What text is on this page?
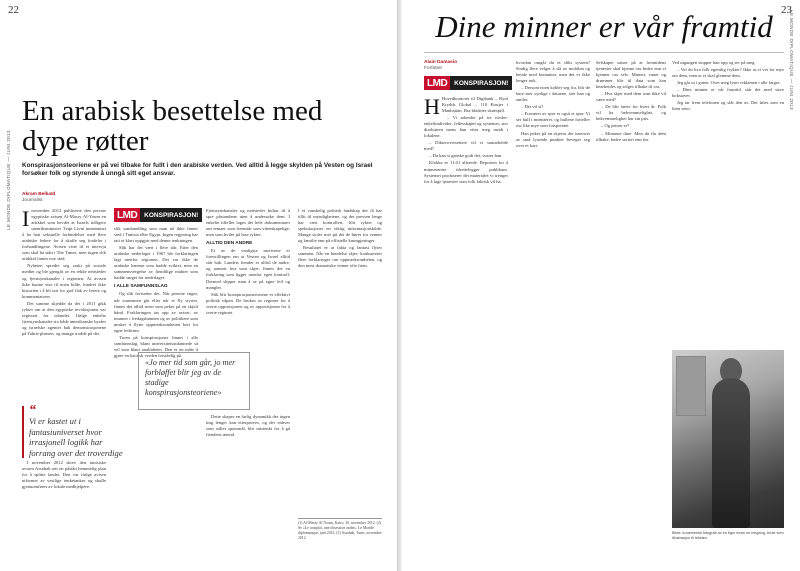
22
LE MONDE DIPLOMATIQUE — JUNI 2013
En arabisk besettelse med dype røtter
Konspirasjonsteoriene er på vei tilbake for fullt i den arabiske verden. Ved alltid å legge skylden på Vesten og Israel forsøker folk og styrende å unngå sitt eget ansvar.
Akram Belkaïd
Journalist

Inovember 2012 publiserte den private egyptiske avisen Al-Masry Al-Youm en artikkel som hevdet at Israels tidligere utenriksminister Tzipi Livni innrømmet å ha hatt seksuelle forbindelser med flere arabiske ledere for å skaffe seg fordeler i forhandlingene. Avisen viste til et intervju som skal ha stått i The Times, men ingen slik artikkel fantes noe sted.

Nyheten spredte seg raskt på sosiale medier og ble gjengitt av en rekke nettsteder og fjernsynskanaler i regionen. At avisen ikke kunne vise til noen kilde, hindret ikke historien i å bli tatt for god fisk av lesere og kommentatorer.

Det samme skjedde da det i 2011 gikk rykter om at den egyptiske revolusjonen var regissert fra utlandet. Ifølge enkelte fjernsynskanaler sto både amerikanske byråer og israelske agenter bak demonstrasjonene på Tahrir-plassen, og mange trodde på det.

“
Vi er kastet ut i fantasiuniverset hvor irrasjonell logikk har forrang over det troverdige

I november 2012 skrev den tunisiske avisen Assabah om en påstått hemmelig plan for å splitte landet. Den var ifølge avisen utformet av vestlige tenketanker og skulle gjennomføres av lokale medhjelpere.

LMD	KONSPIRASJON!

slik samhandling som man nå ikke finner sted i Tunisia eller Egypt. Ingen regjering har tatt et klart oppgjør med denne tenkningen.

Slik har det vært i flere tiår. Etter den arabiske nederlaget i 1967 ble forklaringen lagt utenfor regionen. Det var ikke de arabiske hærene som hadde sviktet, men en sammensvergelse av fiendtlige makter som hadde sørget for nederlaget.

I ALLE SAMFUNNSLAG

Og slik fortsetter det. Når prisene stiger, når strømmen går eller når et fly styrter, finnes det alltid noen som peker på en skjult hånd. Forklaringen tas opp av aviser, av imamer i fredagsbønnen og av politikere som ønsker å flytte oppmerksomheten bort fra egne feiltrinn.

Troen på konspirasjoner finnes i alle samfunnslag, blant universitetsutdannede så vel som blant analfabeter. Den er en måte å gjøre en kaotisk verden forståelig på.

Fjernsynskanaler og nettsteder bidrar til å spre påstandene uten å undersøke dem. I enkelte tilfeller lages det hele dokumentarer om temaer som fremstår som vitenskapelige, men som hviler på løse rykter.

ALLTID DEN ANDRE

Et av de vanligste motivene er forestillingen om at Vesten og Israel alltid står bak. Landets fiender er alltid de andre, og uansett hva som skjer, finnes det en forklaring som ligger utenfor egen kontroll. Dermed slipper man å se på egne feil og mangler.

Slik blir konspirasjonsteoriene et effektivt politisk våpen. De brukes av regimer for å sverte opposisjonen og av opposisjonen for å sverte regimet.

«Jo mer tid som går, jo mer forbløffet blir jeg av de stadige konspirasjonsteoriene»

Dette skaper en farlig dynamikk der ingen ting lenger kan etterprøves, og der enhver som stiller spørsmål, blir mistenkt for å gå fiendens ærend.

I et vanskelig politisk landskap der få har tillit til myndighetene, og der pressen lenge har vært kontrollert, blir rykter og spekulasjoner en viktig informasjonskilde. Mange stoler mer på det de hører fra venner og familie enn på offisielle kunngjøringer.

Resultatet er at fakta og fantasi flyter sammen. Når en hendelse skjer, konkurrerer flere forklaringer om oppmerksomheten, og den mest dramatiske vinner ofte frem.

(1) Al-Masry Al-Youm, Kairo, 20. november 2012. (2) Se «Le complot, une obsession arabe», Le Monde diplomatique, juni 2013. (3) Assabah, Tunis, november 2012.
23
LE MONDE DIPLOMATIQUE — JUNI 2013
Dine minner er vår framtid
Alain Damasio
Forfatter
LMD	KONSPIRASJON!

H Hovedkontoret til Digibank – Byrå Krydds Global – 110 Etasjer i Manhattan. Bra bladeier skuespill.

– Vi arbeider på tre nivåer: enkeltindivider, fellesskapet og systemet, sier direktøren mens han viser meg rundt i lokalene.

– Dikteroversettere vil vi samarbeide med?

– Du kan si ganske godt det, svarer han.

Klokka er 11:01 allerede. Reporten for å minnesenter tilrettelegger publikum. Systemet produserer det materialet vi trenger for å lage tjenester som folk faktisk vil ha.

hvordan omgår du et slikt system? Stadig flere velger å slå av mobilen og betale med kontanter, men det er ikke lenger nok.

– Dersom noen kobler seg fra, blir de bare mer synlige i dataene, sier han og smiler.

– Det vil si?

– Fraværet av spor er også et spor. Vi ser hull i mønsteret, og hullene forteller oss like mye som fotsporene.

Han peker på en skjerm der tusenvis av små lysende punkter beveger seg over et kart.

Selskapet satser på at fremtidens tjenester skal kjenne oss bedre enn vi kjenner oss selv. Minner, vaner og drømmer blir til data som kan bearbeides og selges tilbake til oss.

– Hva skjer med dem som ikke vil være med?

– De blir færre for hvert år. Folk vil ha bekvemmelighet, og bekvemmelighet har sin pris.

– Og prisen er?

– Minnene dine. Men du får dem tilbake, bedre sortert enn før.

Ved utgangen stopper han opp og ser på meg.

– Vet du hva folk egentlig frykter? Ikke at vi vet for mye om dem, men at vi skal glemme dem.

Jeg går ut i gaten. Over meg lyser reklamen i alle farger.

– Dine minner er vår framtid, står det med store bokstaver.

Jeg tar frem telefonen og slår den av. Det føles som en liten seier.

Bilde: kunstnerisk fotografi av en figur foran en inngang, brukt som illustrasjon til teksten.
